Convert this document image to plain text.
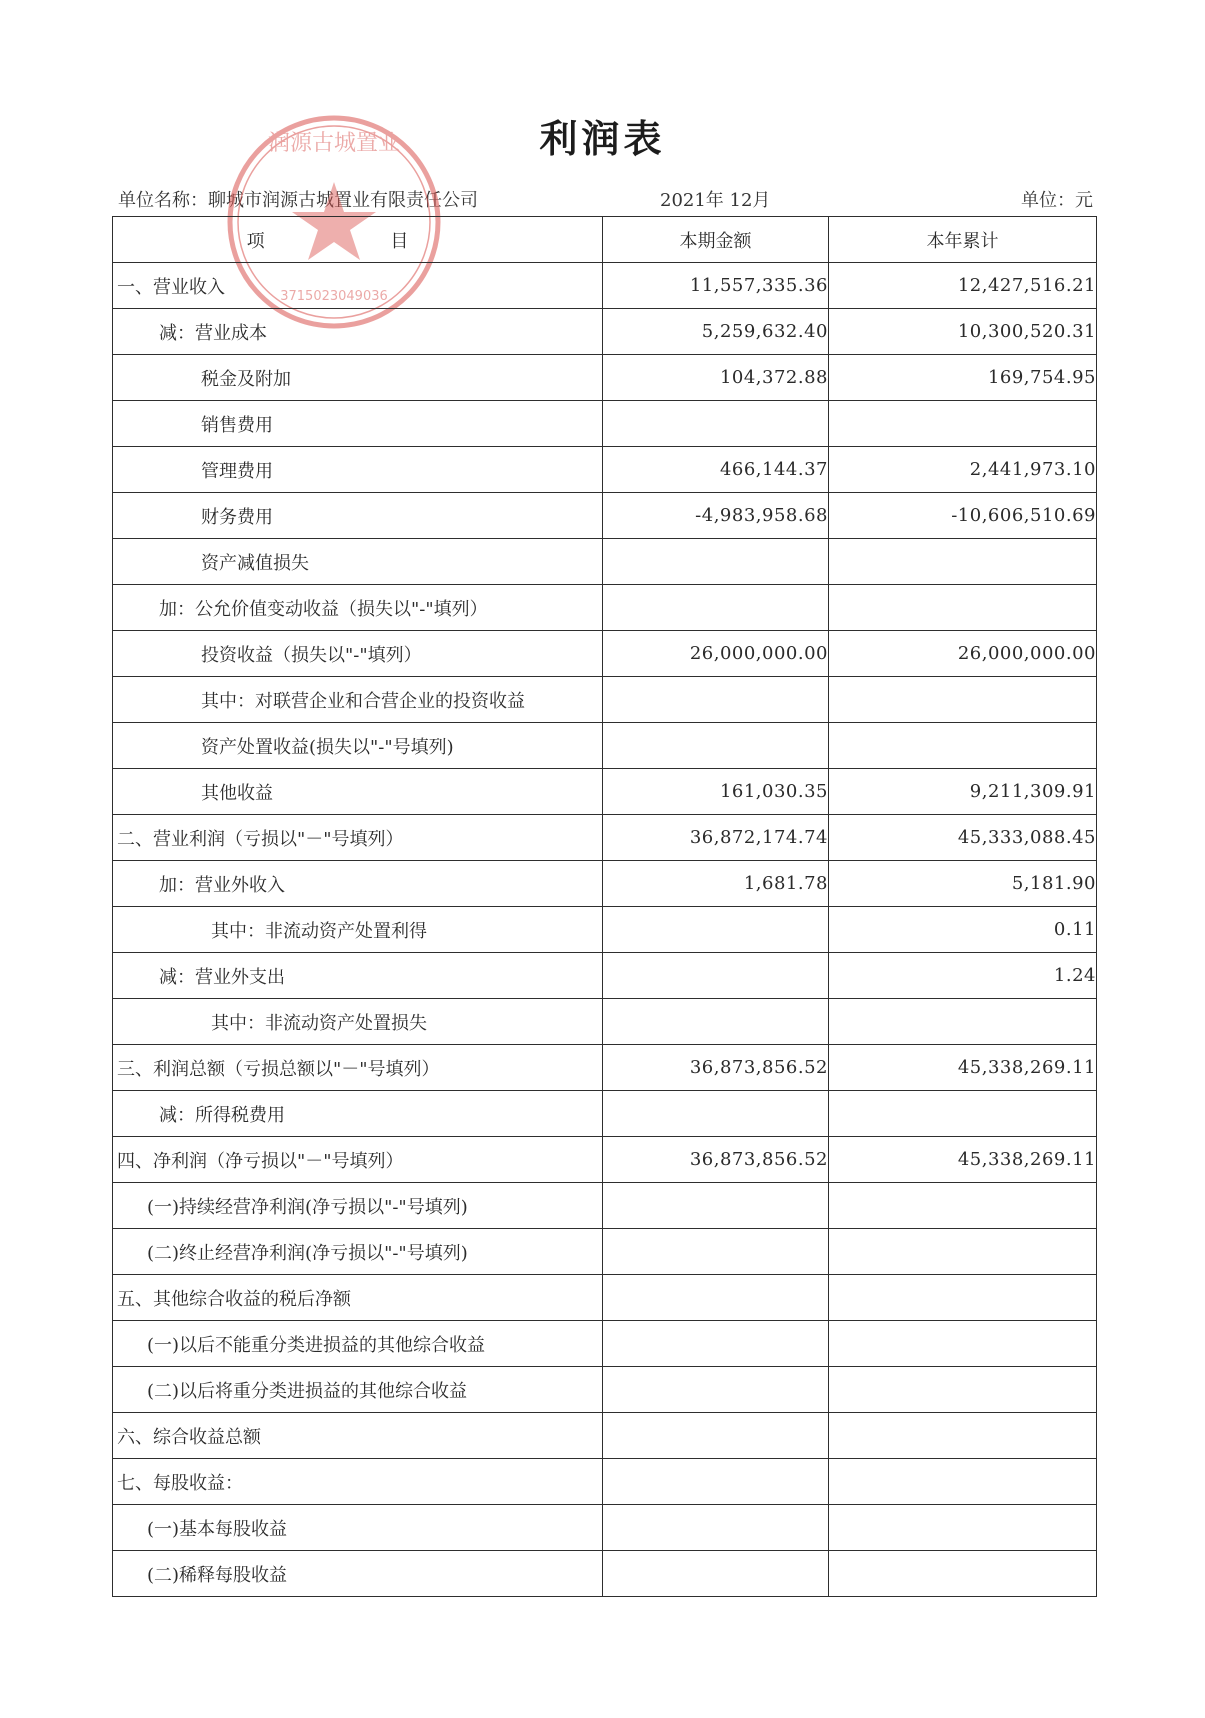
利润表
单位名称：聊城市润源古城置业有限责任公司	2021年 12月	单位：元
润源古城置业
3715023049036
项 目	本期金额	本年累计
一、营业收入	11,557,335.36	12,427,516.21
减：营业成本	5,259,632.40	10,300,520.31
税金及附加	104,372.88	169,754.95
销售费用		
管理费用	466,144.37	2,441,973.10
财务费用	-4,983,958.68	-10,606,510.69
资产减值损失		
加：公允价值变动收益（损失以"-"填列）		
投资收益（损失以"-"填列）	26,000,000.00	26,000,000.00
其中：对联营企业和合营企业的投资收益		
资产处置收益(损失以"-"号填列)		
其他收益	161,030.35	9,211,309.91
二、营业利润（亏损以"－"号填列）	36,872,174.74	45,333,088.45
加：营业外收入	1,681.78	5,181.90
其中：非流动资产处置利得		0.11
减：营业外支出		1.24
其中：非流动资产处置损失		
三、利润总额（亏损总额以"－"号填列）	36,873,856.52	45,338,269.11
减：所得税费用		
四、净利润（净亏损以"－"号填列）	36,873,856.52	45,338,269.11
(一)持续经营净利润(净亏损以"-"号填列)		
(二)终止经营净利润(净亏损以"-"号填列)		
五、其他综合收益的税后净额		
(一)以后不能重分类进损益的其他综合收益		
(二)以后将重分类进损益的其他综合收益		
六、综合收益总额		
七、每股收益：		
(一)基本每股收益		
(二)稀释每股收益		
